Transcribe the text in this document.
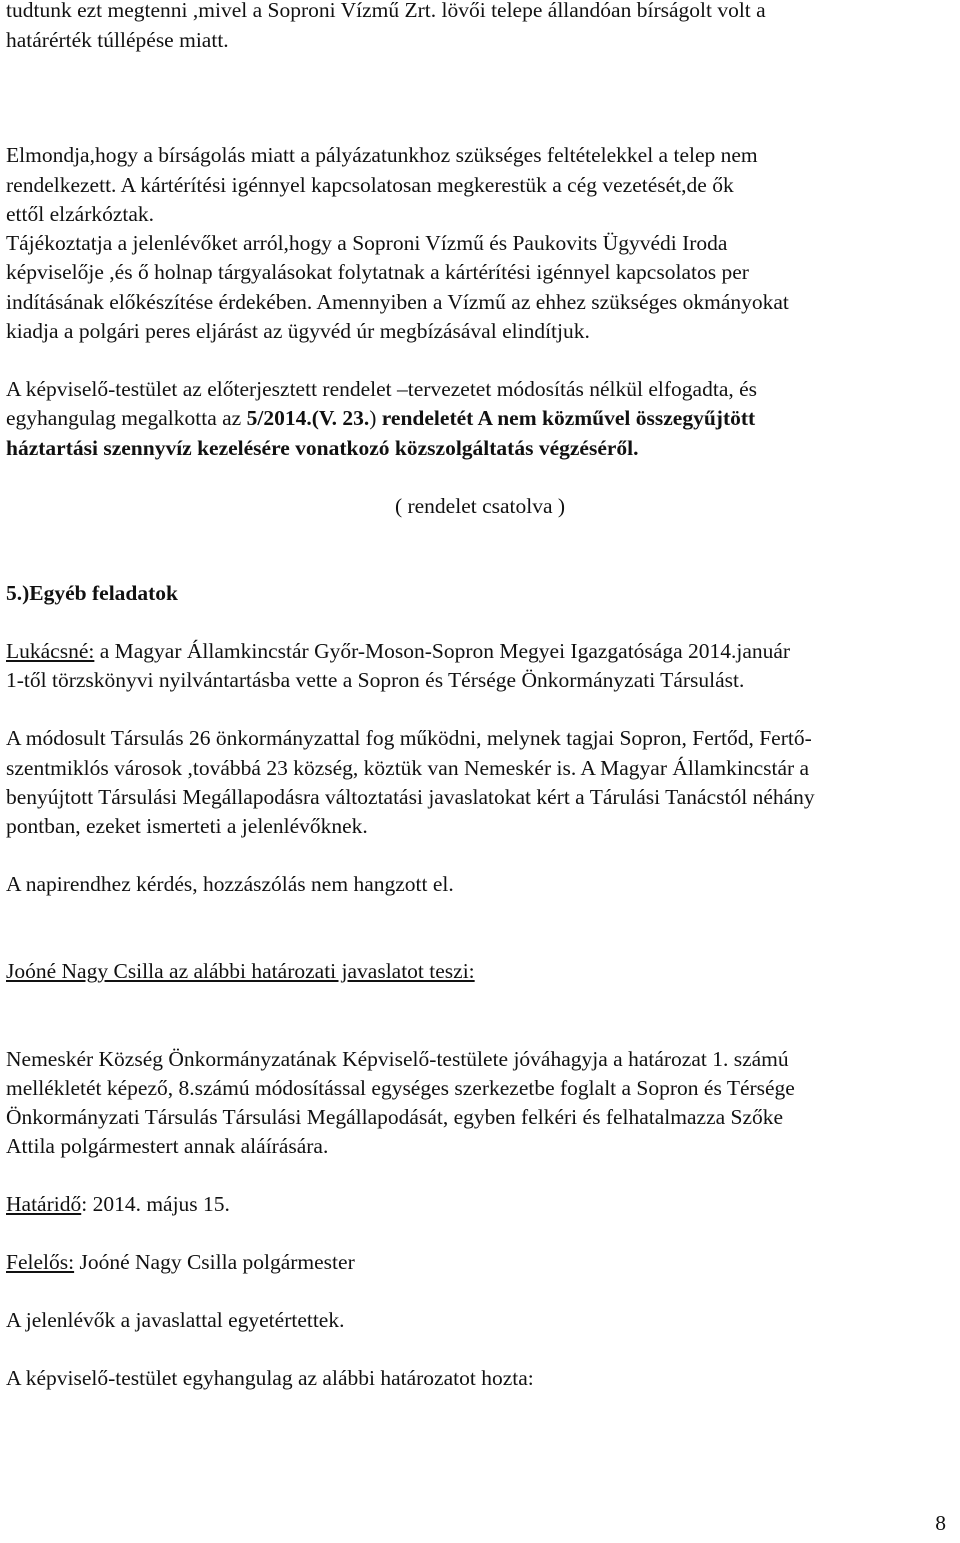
tudtunk ezt megtenni ,mivel a Soproni Vízmű Zrt. lövői telepe állandóan bírságolt volt a
határérték túllépése miatt.
Elmondja,hogy a bírságolás miatt a pályázatunkhoz szükséges feltételekkel a telep nem
rendelkezett. A kártérítési igénnyel kapcsolatosan megkerestük a cég vezetését,de ők
ettől elzárkóztak.
Tájékoztatja a jelenlévőket arról,hogy a Soproni Vízmű és Paukovits Ügyvédi Iroda
képviselője ,és ő holnap tárgyalásokat folytatnak a kártérítési igénnyel kapcsolatos per
indításának előkészítése érdekében. Amennyiben a Vízmű az ehhez szükséges okmányokat
kiadja a polgári peres eljárást az ügyvéd úr megbízásával elindítjuk.
A képviselő-testület az előterjesztett rendelet –tervezetet módosítás nélkül elfogadta, és
egyhangulag megalkotta az 5/2014.(V. 23.) rendeletét A nem közművel összegyűjtött
háztartási szennyvíz kezelésére vonatkozó közszolgáltatás végzéséről.
( rendelet csatolva )
5.)Egyéb feladatok
Lukácsné: a Magyar Államkincstár Győr-Moson-Sopron Megyei Igazgatósága 2014.január
1-től törzskönyvi nyilvántartásba vette a Sopron és Térsége Önkormányzati Társulást.
A módosult Társulás 26 önkormányzattal fog működni, melynek tagjai Sopron, Fertőd, Fertő-
szentmiklós városok ,továbbá 23 község, köztük van Nemeskér is. A Magyar Államkincstár a
benyújtott Társulási Megállapodásra változtatási javaslatokat kért a Tárulási Tanácstól néhány
pontban, ezeket ismerteti a jelenlévőknek.
A napirendhez kérdés, hozzászólás nem hangzott el.
Joóné Nagy Csilla az alábbi határozati javaslatot teszi:
Nemeskér Község Önkormányzatának Képviselő-testülete jóváhagyja a határozat 1. számú
mellékletét képező, 8.számú módosítással egységes szerkezetbe foglalt a Sopron és Térsége
Önkormányzati Társulás Társulási Megállapodását, egyben felkéri és felhatalmazza Szőke
Attila polgármestert annak aláírására.
Határidő: 2014. május 15.
Felelős: Joóné Nagy Csilla polgármester
A jelenlévők a javaslattal egyetértettek.
A képviselő-testület egyhangulag az alábbi határozatot hozta:
8
